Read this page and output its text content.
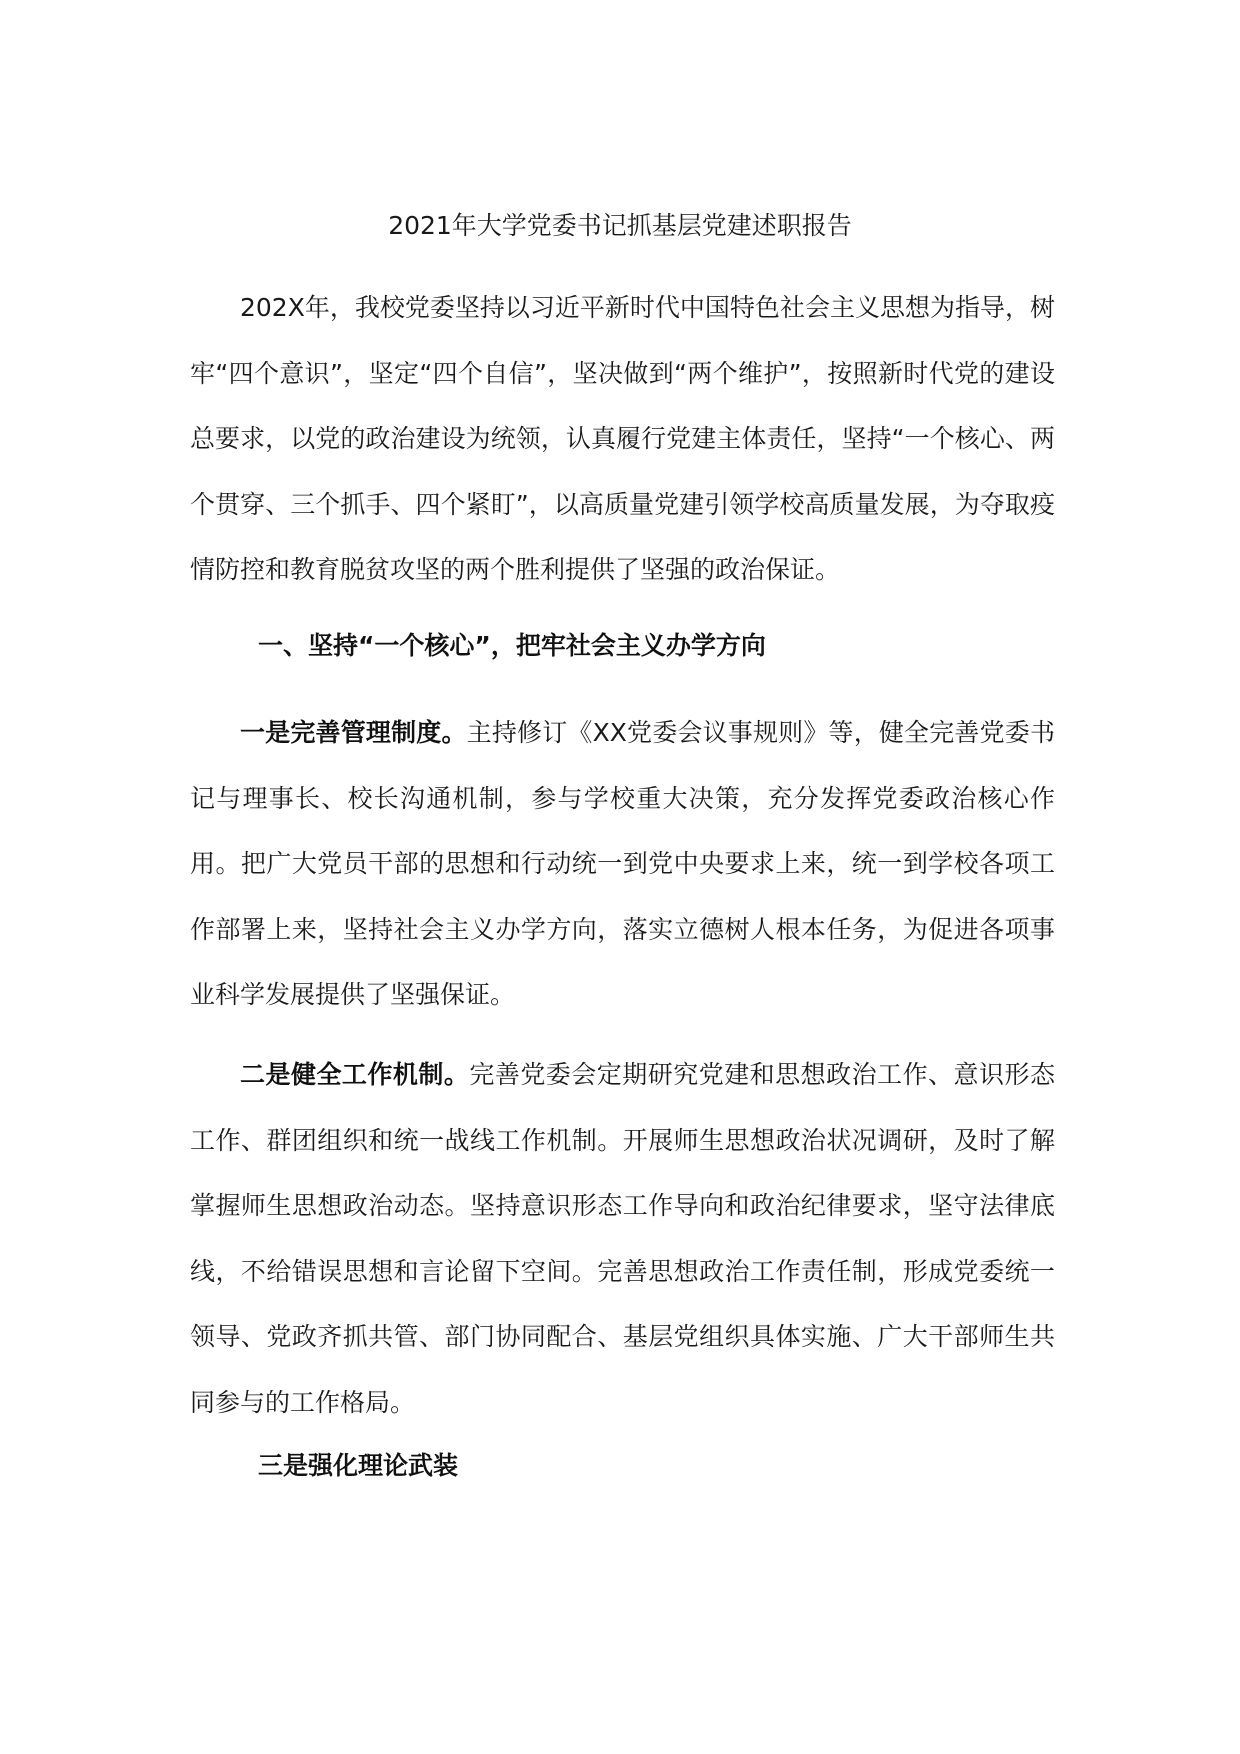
2021年大学党委书记抓基层党建述职报告

202X年，我校党委坚持以习近平新时代中国特色社会主义思想为指导，树牢“四个意识”，坚定“四个自信”，坚决做到“两个维护”，按照新时代党的建设总要求，以党的政治建设为统领，认真履行党建主体责任，坚持“一个核心、两个贯穿、三个抓手、四个紧盯”，以高质量党建引领学校高质量发展，为夺取疫情防控和教育脱贫攻坚的两个胜利提供了坚强的政治保证。

一、坚持“一个核心”，把牢社会主义办学方向

一是完善管理制度。主持修订《XX党委会议事规则》等，健全完善党委书记与理事长、校长沟通机制，参与学校重大决策，充分发挥党委政治核心作用。把广大党员干部的思想和行动统一到党中央要求上来，统一到学校各项工作部署上来，坚持社会主义办学方向，落实立德树人根本任务，为促进各项事业科学发展提供了坚强保证。

二是健全工作机制。完善党委会定期研究党建和思想政治工作、意识形态工作、群团组织和统一战线工作机制。开展师生思想政治状况调研，及时了解掌握师生思想政治动态。坚持意识形态工作导向和政治纪律要求，坚守法律底线，不给错误思想和言论留下空间。完善思想政治工作责任制，形成党委统一领导、党政齐抓共管、部门协同配合、基层党组织具体实施、广大干部师生共同参与的工作格局。

三是强化理论武装
